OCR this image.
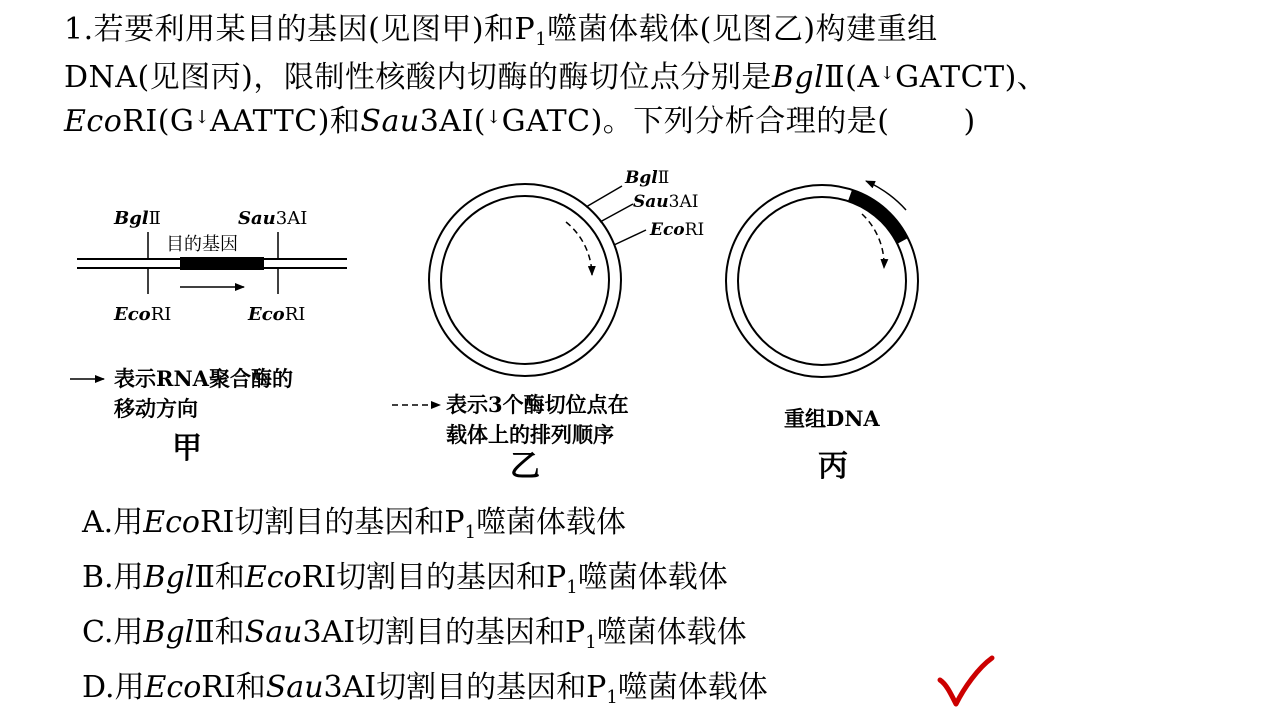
1.若要利用某目的基因(见图甲)和$P_1$噬菌体载体(见图乙)构建重组
DNA(见图丙)，限制性核酸内切酶的酶切位点分别是BglⅡ(A↓GATCT)、
EcoRⅠ(G↓AATTC)和Sau3AⅠ(↓GATC)。下列分析合理的是( )
BglⅡ	Sau3AⅠ
目的基因
EcoRⅠ	EcoRⅠ
表示RNA聚合酶的
移动方向
甲
BglⅡ
Sau3AⅠ
EcoRⅠ
表示3个酶切位点在
载体上的排列顺序
乙
重组DNA
丙
A.用EcoRⅠ切割目的基因和$P_1$噬菌体载体
B.用BglⅡ和EcoRⅠ切割目的基因和$P_1$噬菌体载体
C.用BglⅡ和Sau3AⅠ切割目的基因和$P_1$噬菌体载体
D.用EcoRⅠ和Sau3AⅠ切割目的基因和$P_1$噬菌体载体
